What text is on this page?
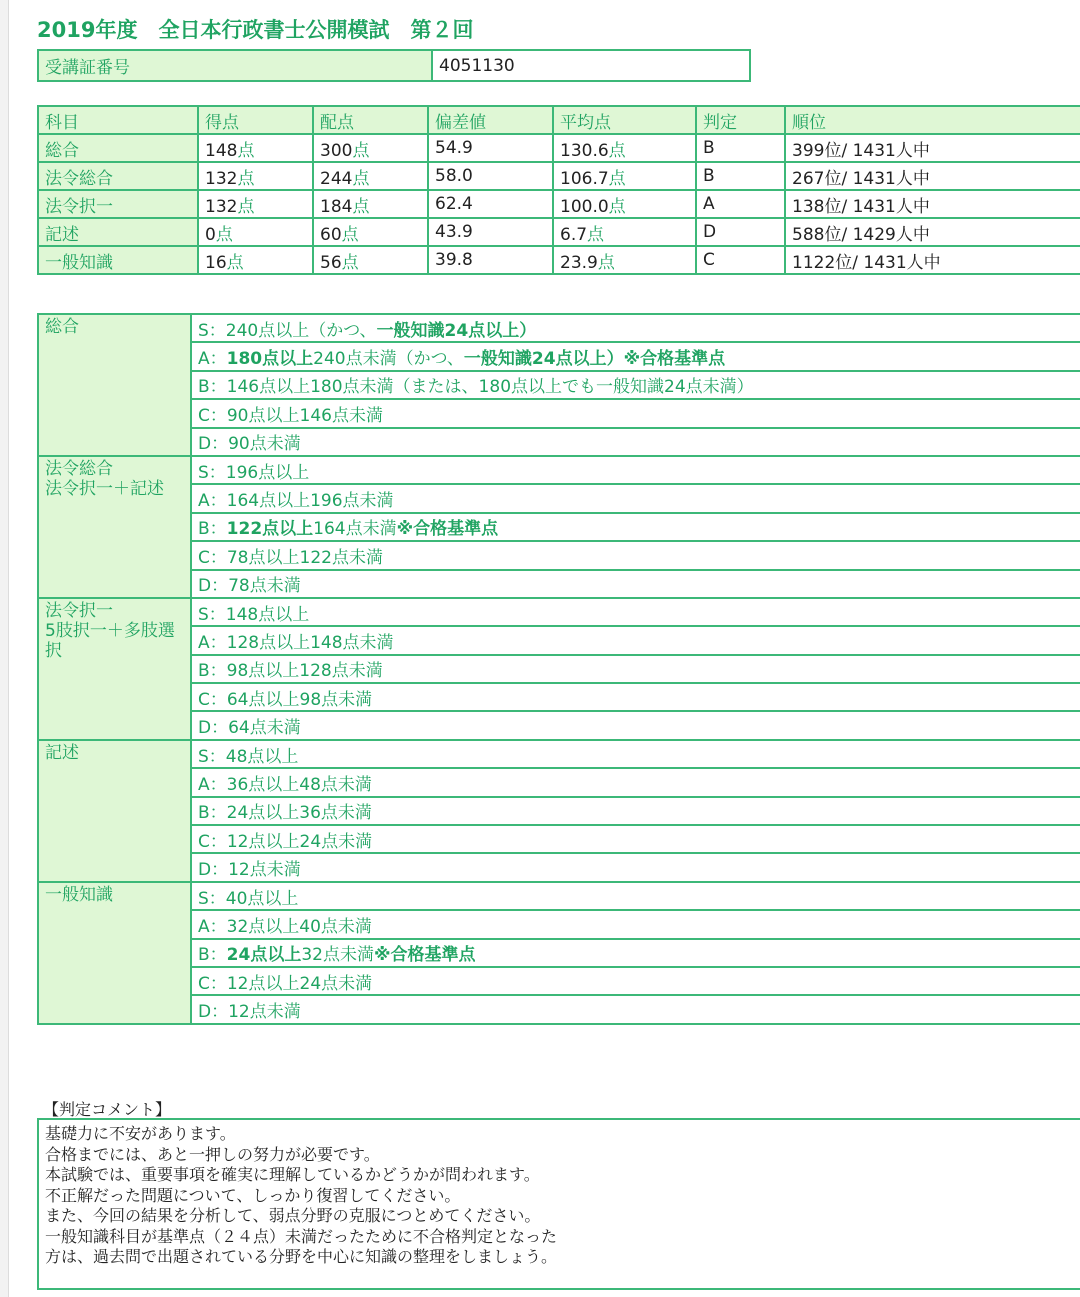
2019年度　全日本行政書士公開模試　第２回
受講証番号	4051130
科目	得点	配点	偏差値	平均点	判定	順位
総合	148点	300点	54.9	130.6点	B	399位/ 1431人中
法令総合	132点	244点	58.0	106.7点	B	267位/ 1431人中
法令択一	132点	184点	62.4	100.0点	A	138位/ 1431人中
記述	0点	60点	43.9	6.7点	D	588位/ 1429人中
一般知識	16点	56点	39.8	23.9点	C	1122位/ 1431人中
総合	S：240点以上（かつ、一般知識24点以上）
	A：180点以上240点未満（かつ、一般知識24点以上）※合格基準点
	B：146点以上180点未満（または、180点以上でも一般知識24点未満）
	C：90点以上146点未満
	D：90点未満
法令総合
法令択一＋記述	S：196点以上
	A：164点以上196点未満
	B：122点以上164点未満※合格基準点
	C：78点以上122点未満
	D：78点未満
法令択一
5肢択一＋多肢選択	S：148点以上
	A：128点以上148点未満
	B：98点以上128点未満
	C：64点以上98点未満
	D：64点未満
記述	S：48点以上
	A：36点以上48点未満
	B：24点以上36点未満
	C：12点以上24点未満
	D：12点未満
一般知識	S：40点以上
	A：32点以上40点未満
	B：24点以上32点未満※合格基準点
	C：12点以上24点未満
	D：12点未満
【判定コメント】
基礎力に不安があります。
合格までには、あと一押しの努力が必要です。
本試験では、重要事項を確実に理解しているかどうかが問われます。
不正解だった問題について、しっかり復習してください。
また、今回の結果を分析して、弱点分野の克服につとめてください。
一般知識科目が基準点（２４点）未満だったために不合格判定となった
方は、過去問で出題されている分野を中心に知識の整理をしましょう。
